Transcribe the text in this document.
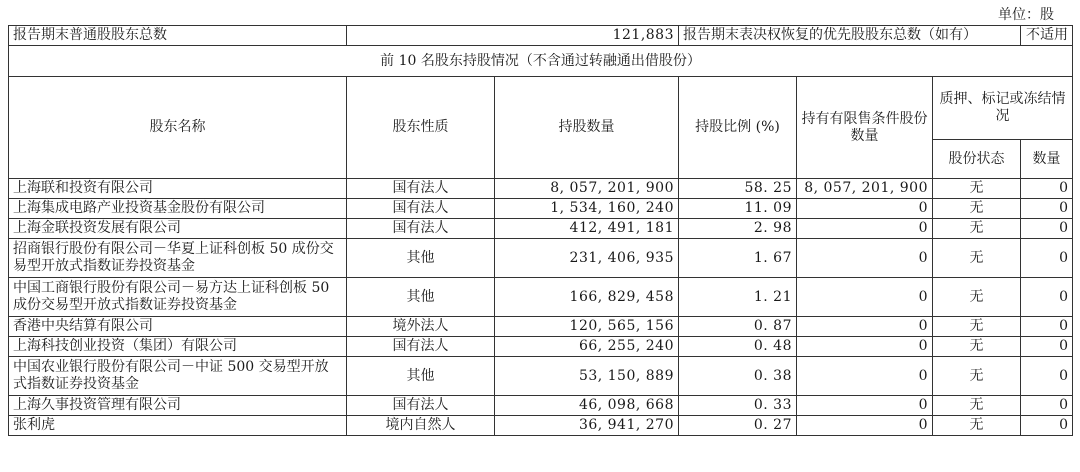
单位：股
报告期末普通股股东总数	121,883		报告期末表决权恢复的优先股股东总数（如有）			不适用
前 10 名股东持股情况（不含通过转融通出借股份）						
股东名称	股东性质	持股数量	持股比例 (%)	持有有限售条件股份数量	质押、标记或冻结情况	
					股份状态	数量
上海联和投资有限公司	国有法人	8, 057, 201, 900	58. 25	8, 057, 201, 900	无	0
上海集成电路产业投资基金股份有限公司	国有法人	1, 534, 160, 240	11. 09	0	无	0
上海金联投资发展有限公司	国有法人	412, 491, 181	2. 98	0	无	0
招商银行股份有限公司－华夏上证科创板 50 成份交易型开放式指数证券投资基金	其他	231, 406, 935	1. 67	0	无	0
中国工商银行股份有限公司－易方达上证科创板 50 成份交易型开放式指数证券投资基金	其他	166, 829, 458	1. 21	0	无	0
香港中央结算有限公司	境外法人	120, 565, 156	0. 87	0	无	0
上海科技创业投资（集团）有限公司	国有法人	66, 255, 240	0. 48	0	无	0
中国农业银行股份有限公司－中证 500 交易型开放式指数证券投资基金	其他	53, 150, 889	0. 38	0	无	0
上海久事投资管理有限公司	国有法人	46, 098, 668	0. 33	0	无	0
张利虎	境内自然人	36, 941, 270	0. 27	0	无	0
